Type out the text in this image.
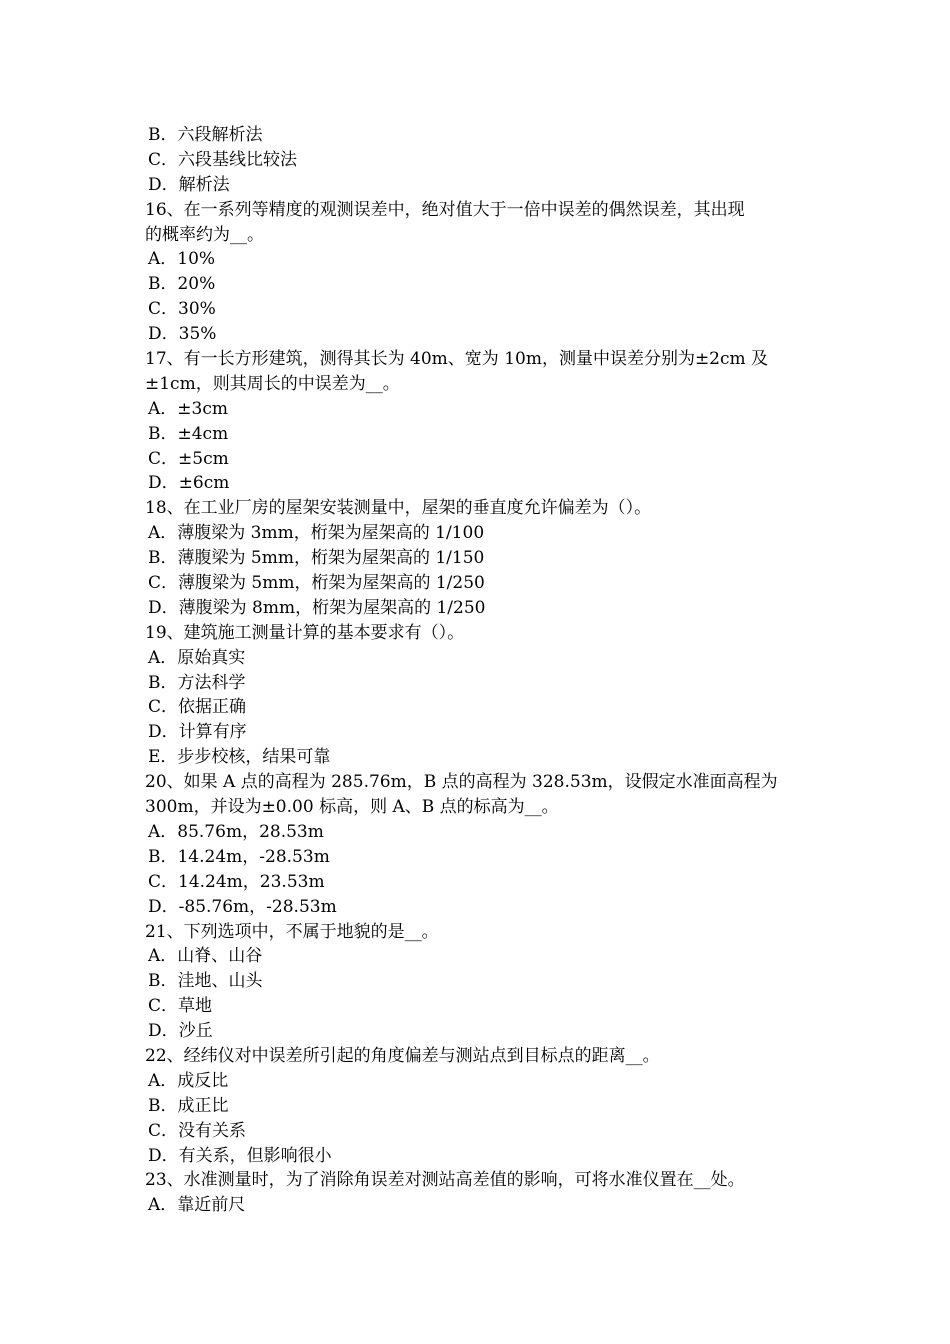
B．六段解析法
C．六段基线比较法
D．解析法
16、在一系列等精度的观测误差中，绝对值大于一倍中误差的偶然误差，其出现
的概率约为__。
A．10%
B．20%
C．30%
D．35%
17、有一长方形建筑，测得其长为 40m、宽为 10m，测量中误差分别为±2cm 及
±1cm，则其周长的中误差为__。
A．±3cm
B．±4cm
C．±5cm
D．±6cm
18、在工业厂房的屋架安装测量中，屋架的垂直度允许偏差为（）。
A．薄腹梁为 3mm，桁架为屋架高的 1/100
B．薄腹梁为 5mm，桁架为屋架高的 1/150
C．薄腹梁为 5mm，桁架为屋架高的 1/250
D．薄腹梁为 8mm，桁架为屋架高的 1/250
19、建筑施工测量计算的基本要求有（）。
A．原始真实
B．方法科学
C．依据正确
D．计算有序
E．步步校核，结果可靠
20、如果 A 点的高程为 285.76m，B 点的高程为 328.53m，设假定水准面高程为
300m，并设为±0.00 标高，则 A、B 点的标高为__。
A．85.76m，28.53m
B．14.24m，-28.53m
C．14.24m，23.53m
D．-85.76m，-28.53m
21、下列选项中，不属于地貌的是__。
A．山脊、山谷
B．洼地、山头
C．草地
D．沙丘
22、经纬仪对中误差所引起的角度偏差与测站点到目标点的距离__。
A．成反比
B．成正比
C．没有关系
D．有关系，但影响很小
23、水准测量时，为了消除角误差对测站高差值的影响，可将水准仪置在__处。
A．靠近前尺
